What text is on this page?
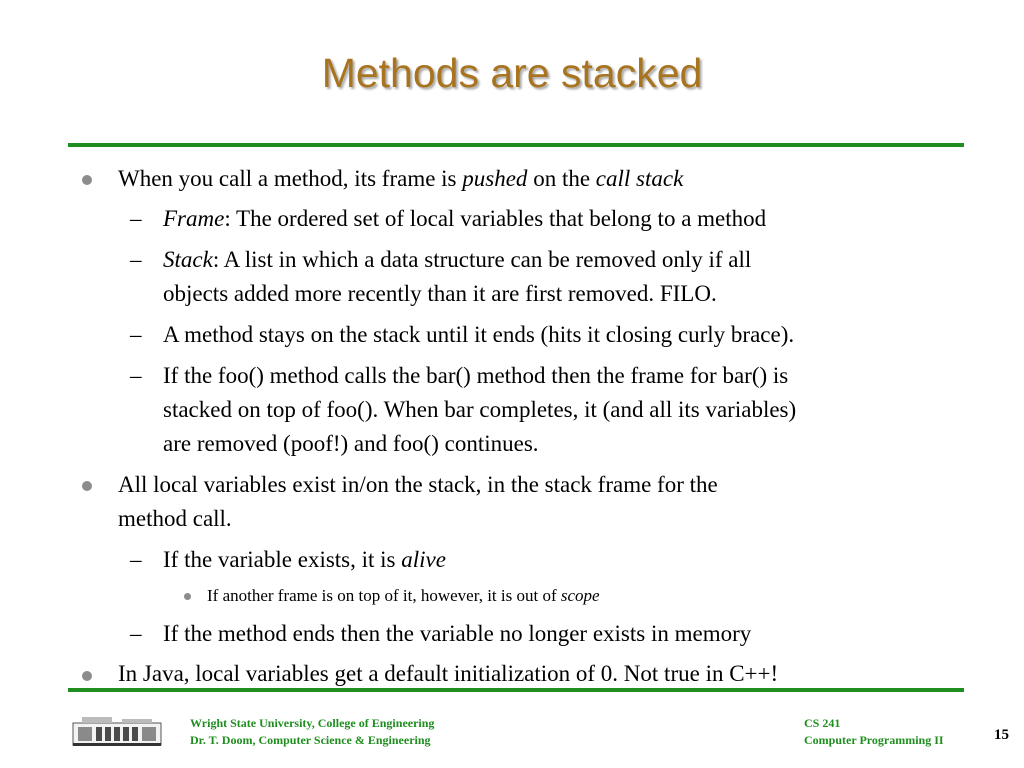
Methods are stacked
When you call a method, its frame is pushed on the call stack
– Frame: The ordered set of local variables that belong to a method
– Stack: A list in which a data structure can be removed only if all
objects added more recently than it are first removed. FILO.
– A method stays on the stack until it ends (hits it closing curly brace).
– If the foo() method calls the bar() method then the frame for bar() is
stacked on top of foo(). When bar completes, it (and all its variables)
are removed (poof!) and foo() continues.
All local variables exist in/on the stack, in the stack frame for the
method call.
– If the variable exists, it is alive
If another frame is on top of it, however, it is out of scope
– If the method ends then the variable no longer exists in memory
In Java, local variables get a default initialization of 0. Not true in C++!
Wright State University, College of Engineering
Dr. T. Doom, Computer Science & Engineering
CS 241
Computer Programming II	15
